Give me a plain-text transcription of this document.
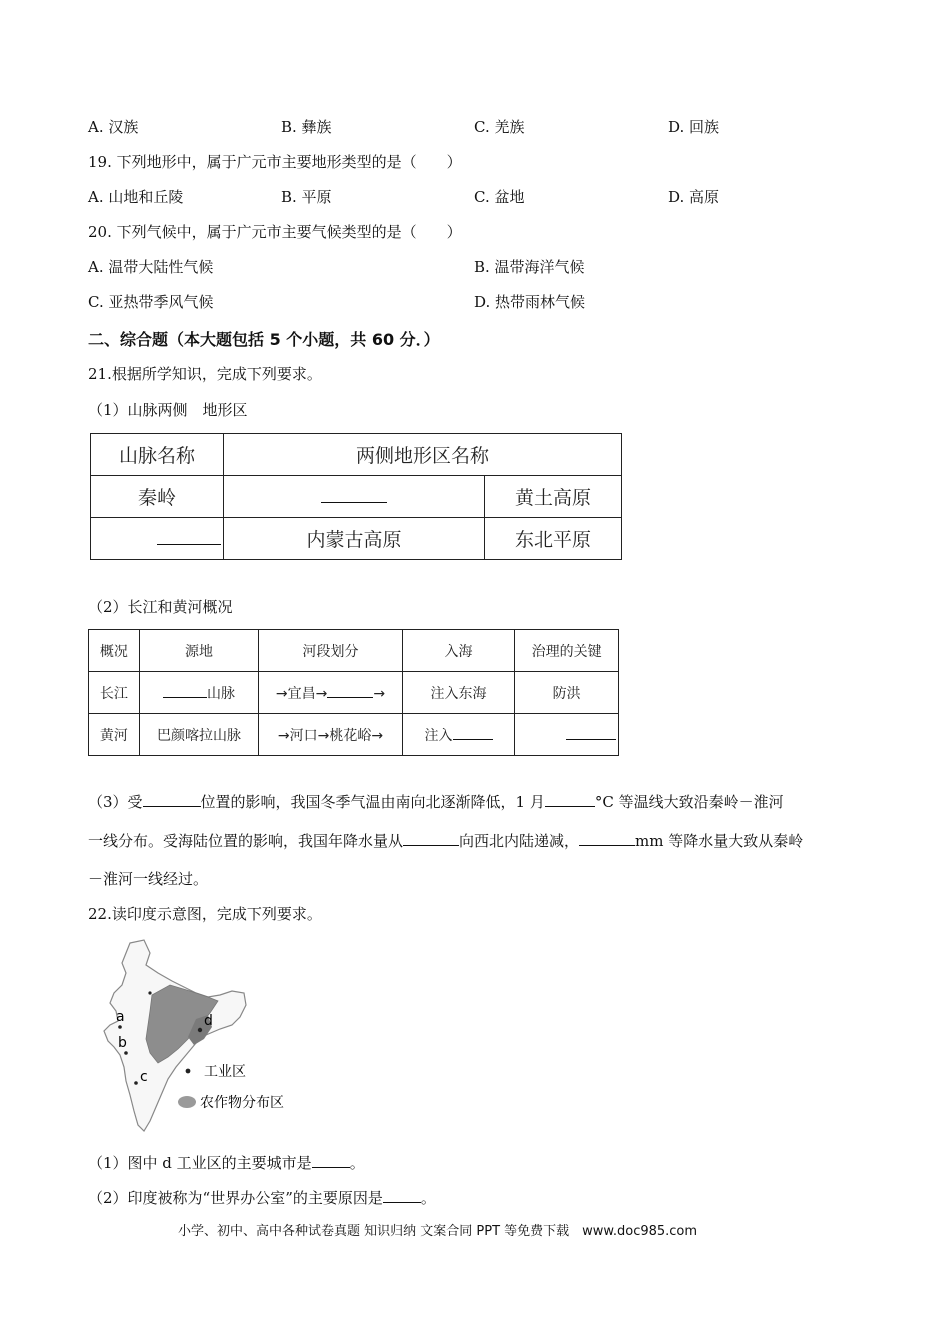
A. 汉族	B. 彝族	C. 羌族	D. 回族
19. 下列地形中，属于广元市主要地形类型的是（　　）
A. 山地和丘陵	B. 平原	C. 盆地	D. 高原
20. 下列气候中，属于广元市主要气候类型的是（　　）
A. 温带大陆性气候	B. 温带海洋气候
C. 亚热带季风气候	D. 热带雨林气候
二、综合题（本大题包括 5 个小题，共 60 分．）
21.根据所学知识，完成下列要求。
（1）山脉两侧　地形区
山脉名称	两侧地形区名称	
秦岭		黄土高原
	内蒙古高原	东北平原
（2）长江和黄河概况
概况	源地	河段划分	入海	治理的关键
长江	山脉	→宜昌→ →	注入东海	防洪
黄河	巴颜喀拉山脉	→河口→桃花峪→	注入	
（3）受	位置的影响，我国冬季气温由南向北逐渐降低，1 月	°C 等温线大致沿秦岭－淮河
一线分布。受海陆位置的影响，我国年降水量从	向西北内陆递减，	mm 等降水量大致从秦岭
－淮河一线经过。
22.读印度示意图，完成下列要求。
a
b
c
d
工业区
农作物分布区
（1）图中 d 工业区的主要城市是	。
（2）印度被称为“世界办公室”的主要原因是	。
小学、初中、高中各种试卷真题 知识归纳 文案合同 PPT 等免费下载　www.doc985.com
